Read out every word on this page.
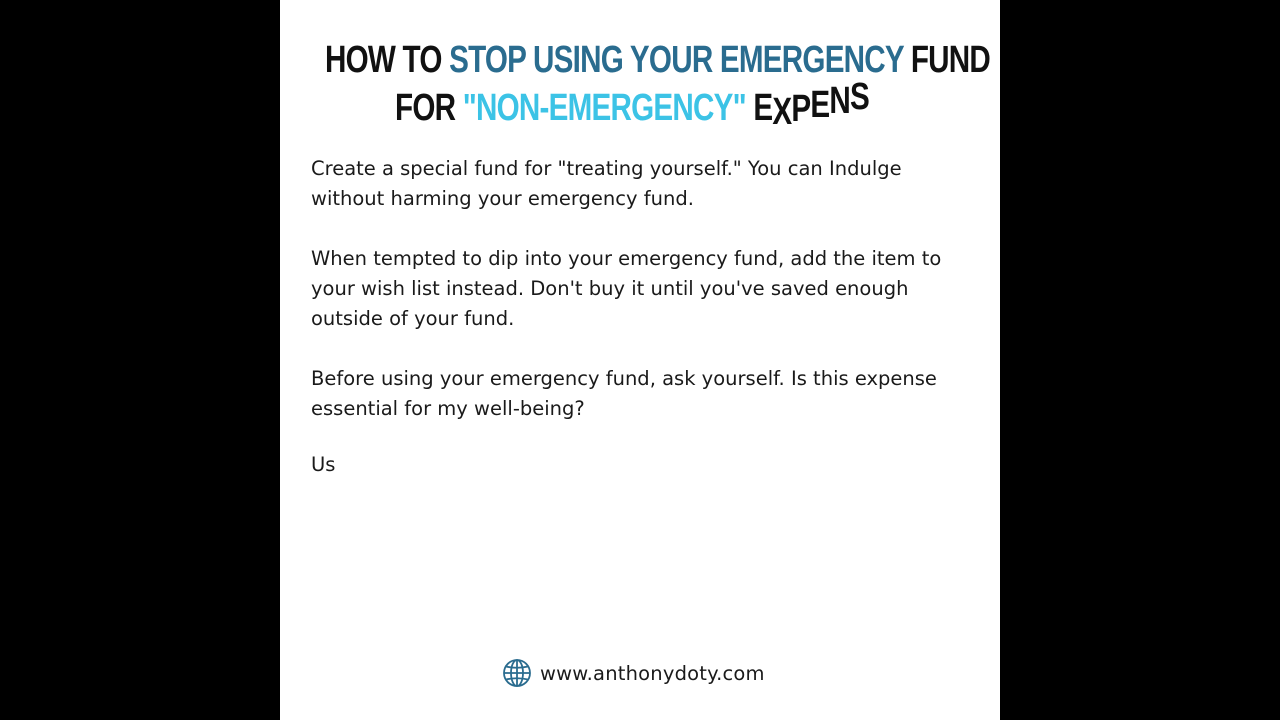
HOW TO STOP USING YOUR EMERGENCY FUND
FOR "NON-EMERGENCY" EXPENS
Create a special fund for "treating yourself." You can Indulge without harming your emergency fund.
When tempted to dip into your emergency fund, add the item to your wish list instead. Don't buy it until you've saved enough outside of your fund.
Before using your emergency fund, ask yourself. Is this expense essential for my well-being?
Us
www.anthonydoty.com
